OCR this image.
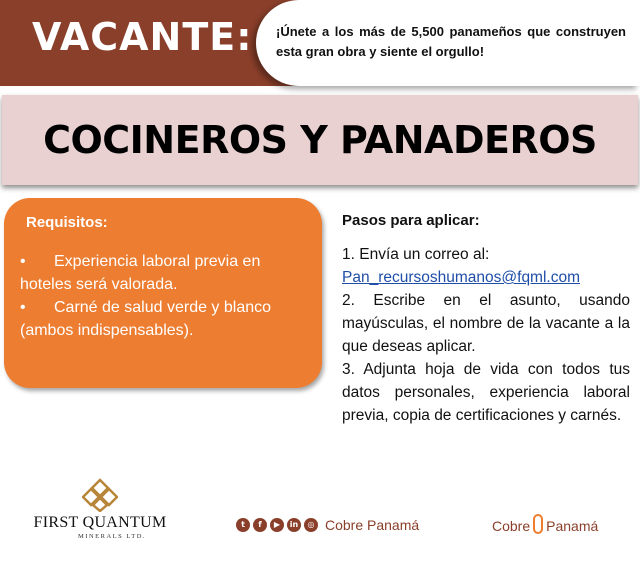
VACANTE: ¡Únete a los más de 5,500 panameños que construyen esta gran obra y siente el orgullo!
COCINEROS Y PANADEROS
Requisitos:
• Experiencia laboral previa en hoteles será valorada.
• Carné de salud verde y blanco (ambos indispensables).
Pasos para aplicar:
1. Envía un correo al:
Pan_recursoshumanos@fqml.com
2. Escribe en el asunto, usando mayúsculas, el nombre de la vacante a la que deseas aplicar.
3. Adjunta hoja de vida con todos tus datos personales, experiencia laboral previa, copia de certificaciones y carnés.
FIRST QUANTUM
MINERALS LTD.
t	f	▶	in	◎ Cobre Panamá	Cobre Panamá
